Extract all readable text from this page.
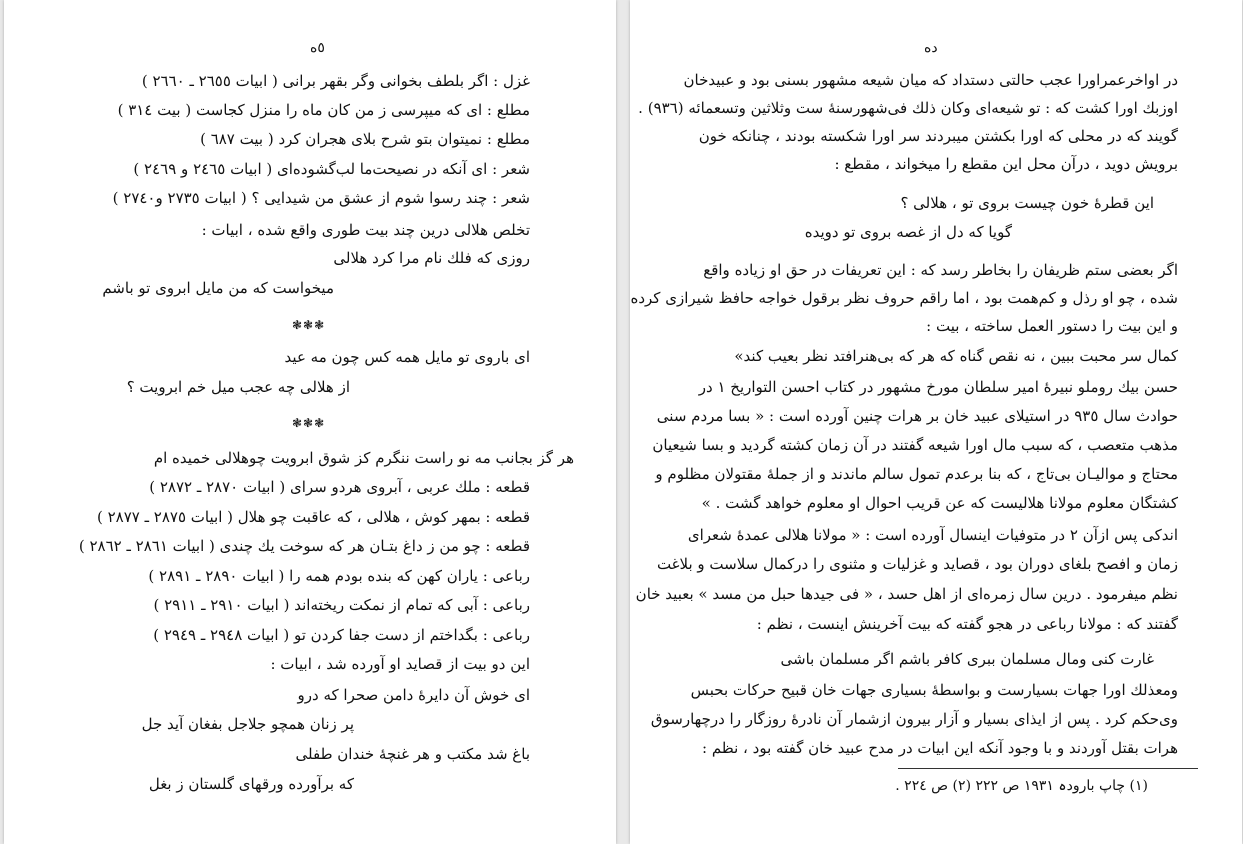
٥ه
غزل : اگر بلطف بخوانی وگر بقهر برانی ( ابیات ٢٦٥٥ ـ ٢٦٦٠ )
مطلع : ای که میپرسی ز من کان ماه را منزل کجاست ( بیت ٣١٤ )
مطلع : نمیتوان بتو شرح بلای هجران کرد ( بیت ٦٨٧ )
شعر : ای آنکه در نصیحت‌ما لب‌گشوده‌ای ( ابیات ٢٤٦٥ و ٢٤٦٩ )
شعر : چند رسوا شوم از عشق من شیدایی ؟ ( ابیات ٢٧٣٥ و٢٧٤٠ )
تخلص هلالی درین چند بیت طوری واقع شده ، ابیات :
روزی که فلك نام مرا کرد هلالی
میخواست که من مایل ابروی تو باشم
❃❃❃
ای باروی تو مایل همه کس چون مه عید
از هلالی چه عجب میل خم ابرویت ؟
❃❃❃
هر گز بجانب مه نو راست ننگرم کز شوق ابرویت چوهلالی خمیده ام
قطعه : ملك عربی ، آبروی هردو سرای ( ابیات ٢٨٧٠ ـ ٢٨٧٢ )
قطعه : بمهر کوش ، هلالی ، که عاقبت چو هلال ( ابیات ٢٨٧٥ ـ ٢٨٧٧ )
قطعه : چو من ز داغ بتـان هر که سوخت یك چندی ( ابیات ٢٨٦١ ـ ٢٨٦٢ )
رباعی : یاران کهن که بنده بودم همه را ( ابیات ٢٨٩٠ ـ ٢٨٩١ )
رباعی : آبی که تمام از نمکت ریخته‌اند ( ابیات ٢٩١٠ ـ ٢٩١١ )
رباعی : بگداختم از دست جفا کردن تو ( ابیات ٢٩٤٨ ـ ٢٩٤٩ )
این دو بیت از قصاید او آورده شد ، ابیات :
ای خوش آن دایرهٔ دامن صحرا که درو
پر زنان همچو جلاجل بفغان آید جل
باغ شد مکتب و هر غنچهٔ خندان طفلی
که برآورده ورقهای گلستان ز بغل
ده
در اواخرعمراورا عجب حالتی دستداد که میان شیعه مشهور بسنی بود و عبیدخان
اوزبك اورا کشت که : تو شیعه‌ای وکان ذلك فی‌شهورسنهٔ ست وثلاثین وتسعمائه (٩٣٦) .
گویند که در محلی که اورا بکشتن میبردند سر اورا شکسته بودند ، چنانکه خون
برویش دوید ، درآن محل این مقطع را میخواند ، مقطع :
این قطرهٔ خون چیست بروی تو ، هلالی ؟
گویا که دل از غصه بروی تو دویده
اگر بعضی ستم ظریفان را بخاطر رسد که : این تعریفات در حق او زیاده واقع
شده ، چو او رذل و کم‌همت بود ، اما راقم حروف نظر برقول خواجه حافظ شیرازی کرده
و این بیت را دستور العمل ساخته ، بیت :
کمال سر محبت ببین ، نه نقص گناه که هر که بی‌هنرافتد نظر بعیب کند»
حسن بیك روملو نبیرهٔ امیر سلطان مورخ مشهور در کتاب احسن التواریخ ١ در
حوادث سال ٩٣٥ در استیلای عبید خان بر هرات چنین آورده است : « بسا مردم سنی
مذهب متعصب ، که سبب مال اورا شیعه گفتند در آن زمان کشته گردید و بسا شیعیان
محتاج و موالیـان بی‌تاج ، که بنا برعدم تمول سالم ماندند و از جملهٔ مقتولان مظلوم و
کشتگان معلوم مولانا هلالیست که عن قریب احوال او معلوم خواهد گشت . »
اندکی پس ازآن ٢ در متوفیات اینسال آورده است : « مولانا هلالی عمدهٔ شعرای
زمان و افصح بلغای دوران بود ، قصاید و غزلیات و مثنوی را درکمال سلاست و بلاغت
نظم میفرمود . درین سال زمره‌ای از اهل حسد ، « فی جیدها حبل من مسد » بعبید خان
گفتند که : مولانا رباعی در هجو گفته که بیت آخرینش اینست ، نظم :
غارت کنی ومال مسلمان ببری کافر باشم اگر مسلمان باشی
ومعذلك اورا جهات بسیارست و بواسطهٔ بسیاری جهات خان قبیح حرکات بحبس
وی‌حکم کرد . پس از ایذای بسیار و آزار بیرون ازشمار آن نادرهٔ روزگار را درچهارسوق
هرات بقتل آوردند و با وجود آنکه این ابیات در مدح عبید خان گفته بود ، نظم :
(١) چاپ بارودہ ١٩٣١ ص ٢٢٢ (٢) ص ٢٢٤ .
